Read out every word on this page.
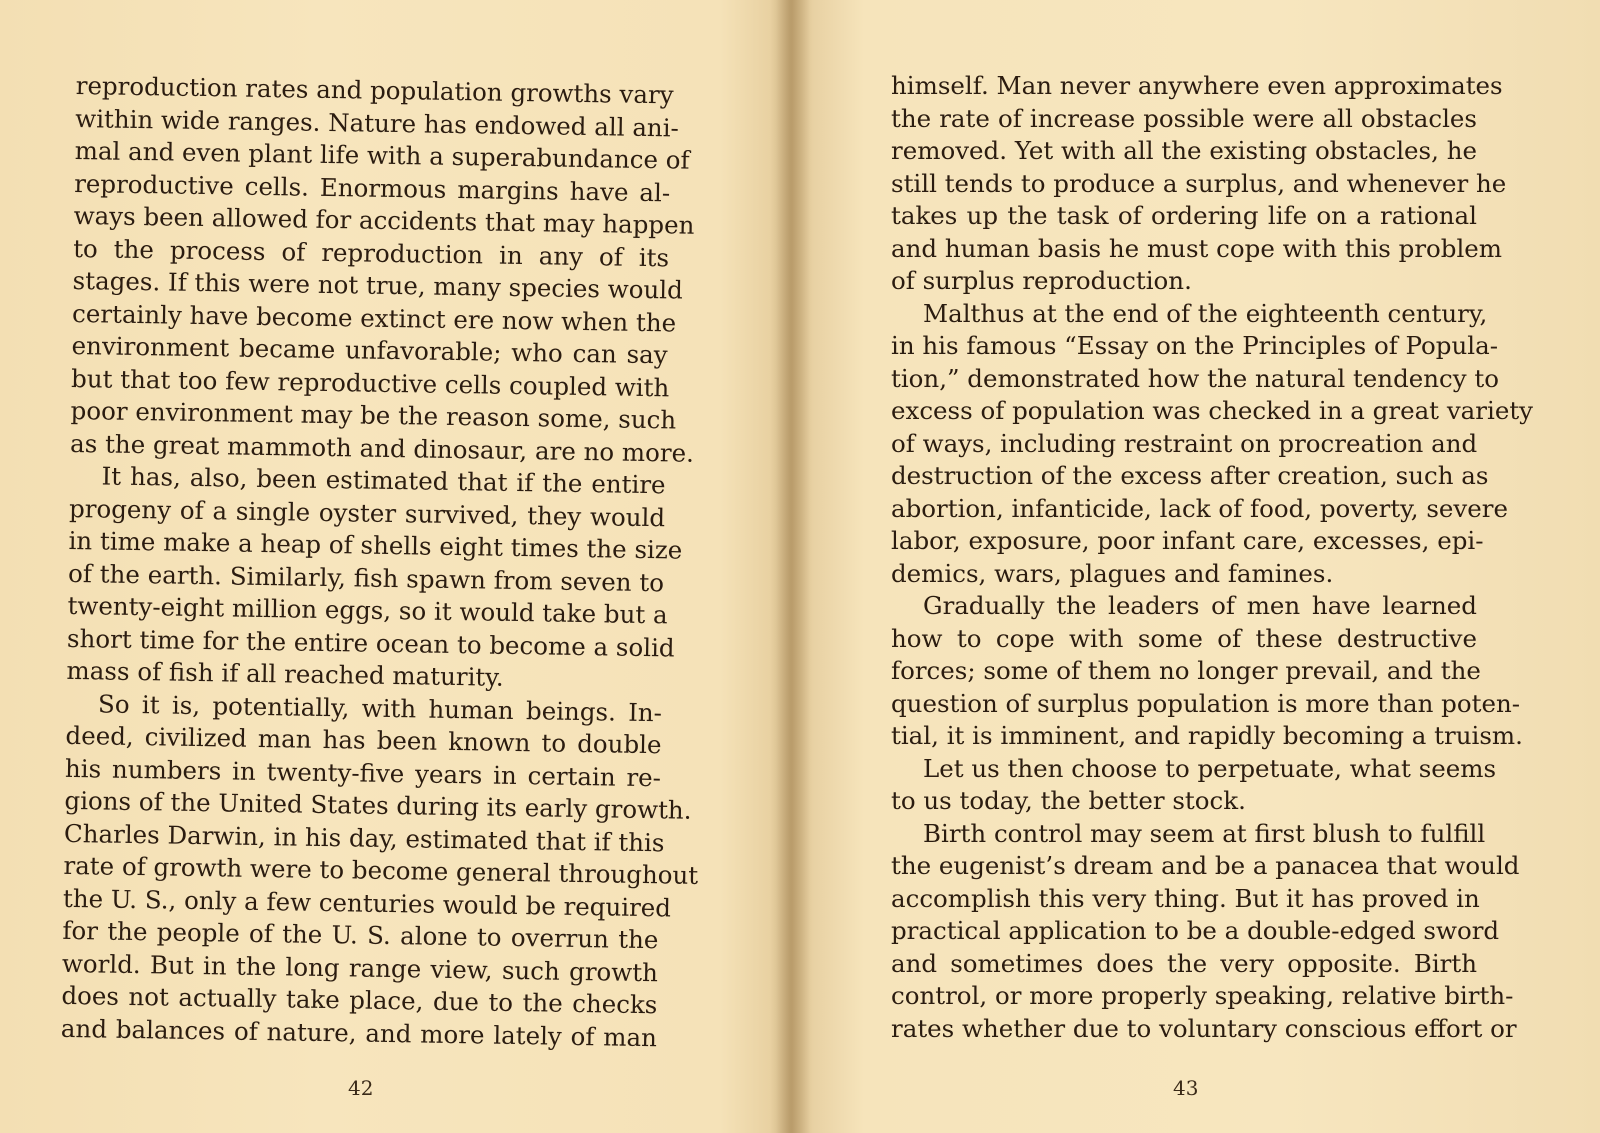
reproduction rates and population growths vary
within wide ranges. Nature has endowed all ani-
mal and even plant life with a superabundance of
reproductive cells. Enormous margins have al-
ways been allowed for accidents that may happen
to the process of reproduction in any of its
stages. If this were not true, many species would
certainly have become extinct ere now when the
environment became unfavorable; who can say
but that too few reproductive cells coupled with
poor environment may be the reason some, such
as the great mammoth and dinosaur, are no more.
It has, also, been estimated that if the entire
progeny of a single oyster survived, they would
in time make a heap of shells eight times the size
of the earth. Similarly, fish spawn from seven to
twenty-eight million eggs, so it would take but a
short time for the entire ocean to become a solid
mass of fish if all reached maturity.
So it is, potentially, with human beings. In-
deed, civilized man has been known to double
his numbers in twenty-five years in certain re-
gions of the United States during its early growth.
Charles Darwin, in his day, estimated that if this
rate of growth were to become general throughout
the U. S., only a few centuries would be required
for the people of the U. S. alone to overrun the
world. But in the long range view, such growth
does not actually take place, due to the checks
and balances of nature, and more lately of man
42
himself. Man never anywhere even approximates
the rate of increase possible were all obstacles
removed. Yet with all the existing obstacles, he
still tends to produce a surplus, and whenever he
takes up the task of ordering life on a rational
and human basis he must cope with this problem
of surplus reproduction.
Malthus at the end of the eighteenth century,
in his famous “Essay on the Principles of Popula-
tion,” demonstrated how the natural tendency to
excess of population was checked in a great variety
of ways, including restraint on procreation and
destruction of the excess after creation, such as
abortion, infanticide, lack of food, poverty, severe
labor, exposure, poor infant care, excesses, epi-
demics, wars, plagues and famines.
Gradually the leaders of men have learned
how to cope with some of these destructive
forces; some of them no longer prevail, and the
question of surplus population is more than poten-
tial, it is imminent, and rapidly becoming a truism.
Let us then choose to perpetuate, what seems
to us today, the better stock.
Birth control may seem at first blush to fulfill
the eugenist’s dream and be a panacea that would
accomplish this very thing. But it has proved in
practical application to be a double-edged sword
and sometimes does the very opposite. Birth
control, or more properly speaking, relative birth-
rates whether due to voluntary conscious effort or
43
